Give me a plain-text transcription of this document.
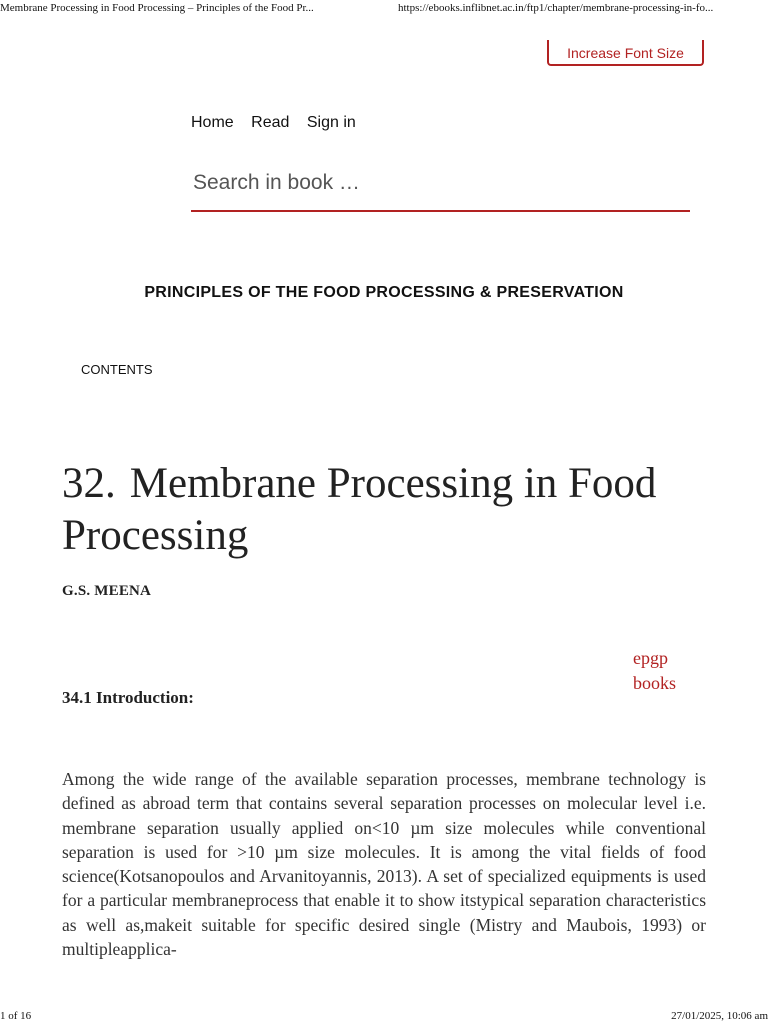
Membrane Processing in Food Processing – Principles of the Food Pr...	https://ebooks.inflibnet.ac.in/ftp1/chapter/membrane-processing-in-fo...
Increase Font Size
Home Read Sign in
Search in book …
PRINCIPLES OF THE FOOD PROCESSING & PRESERVATION
CONTENTS
32. Membrane Processing in Food Processing
G.S. MEENA
epgp
books
34.1 Introduction:

Among the wide range of the available separation processes, membrane technology is defined as abroad term that contains several separation processes on molecular level i.e. membrane separation usually applied on<10 µm size molecules while conventional separation is used for >10 µm size molecules. It is among the vital fields of food science(Kotsanopoulos and Arvanitoyannis, 2013). A set of specialized equipments is used for a particular membraneprocess that enable it to show itstypical separation characteristics as well as,makeit suitable for specific desired single (Mistry and Maubois, 1993) or multipleapplica-

1 of 16	27/01/2025, 10:06 am
